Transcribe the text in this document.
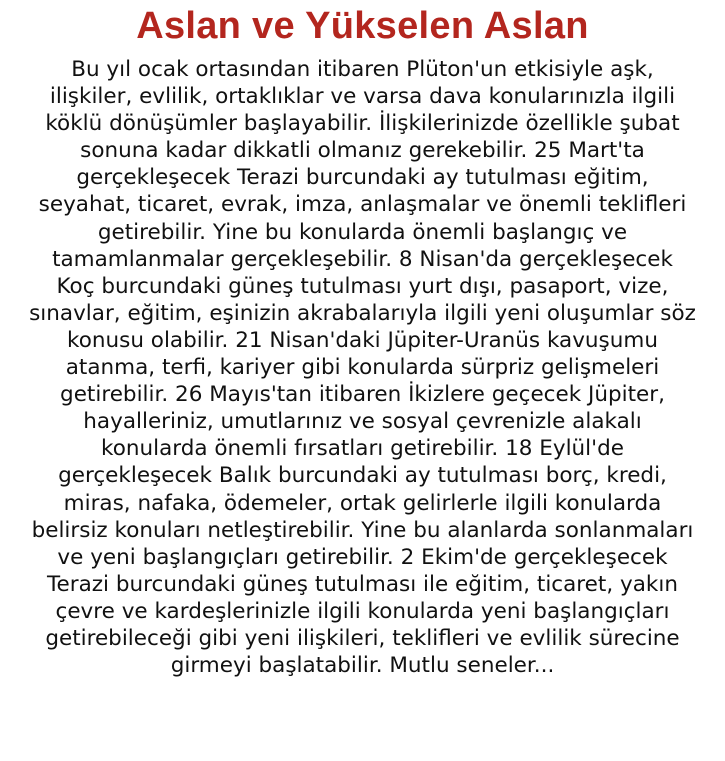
Aslan ve Yükselen Aslan

Bu yıl ocak ortasından itibaren Plüton'un etkisiyle aşk,
ilişkiler, evlilik, ortaklıklar ve varsa dava konularınızla ilgili
köklü dönüşümler başlayabilir. İlişkilerinizde özellikle şubat
sonuna kadar dikkatli olmanız gerekebilir. 25 Mart'ta
gerçekleşecek Terazi burcundaki ay tutulması eğitim,
seyahat, ticaret, evrak, imza, anlaşmalar ve önemli teklifleri
getirebilir. Yine bu konularda önemli başlangıç ve
tamamlanmalar gerçekleşebilir. 8 Nisan'da gerçekleşecek
Koç burcundaki güneş tutulması yurt dışı, pasaport, vize,
sınavlar, eğitim, eşinizin akrabalarıyla ilgili yeni oluşumlar söz
konusu olabilir. 21 Nisan'daki Jüpiter-Uranüs kavuşumu
atanma, terfi, kariyer gibi konularda sürpriz gelişmeleri
getirebilir. 26 Mayıs'tan itibaren İkizlere geçecek Jüpiter,
hayalleriniz, umutlarınız ve sosyal çevrenizle alakalı
konularda önemli fırsatları getirebilir. 18 Eylül'de
gerçekleşecek Balık burcundaki ay tutulması borç, kredi,
miras, nafaka, ödemeler, ortak gelirlerle ilgili konularda
belirsiz konuları netleştirebilir. Yine bu alanlarda sonlanmaları
ve yeni başlangıçları getirebilir. 2 Ekim'de gerçekleşecek
Terazi burcundaki güneş tutulması ile eğitim, ticaret, yakın
çevre ve kardeşlerinizle ilgili konularda yeni başlangıçları
getirebileceği gibi yeni ilişkileri, teklifleri ve evlilik sürecine
girmeyi başlatabilir. Mutlu seneler...
